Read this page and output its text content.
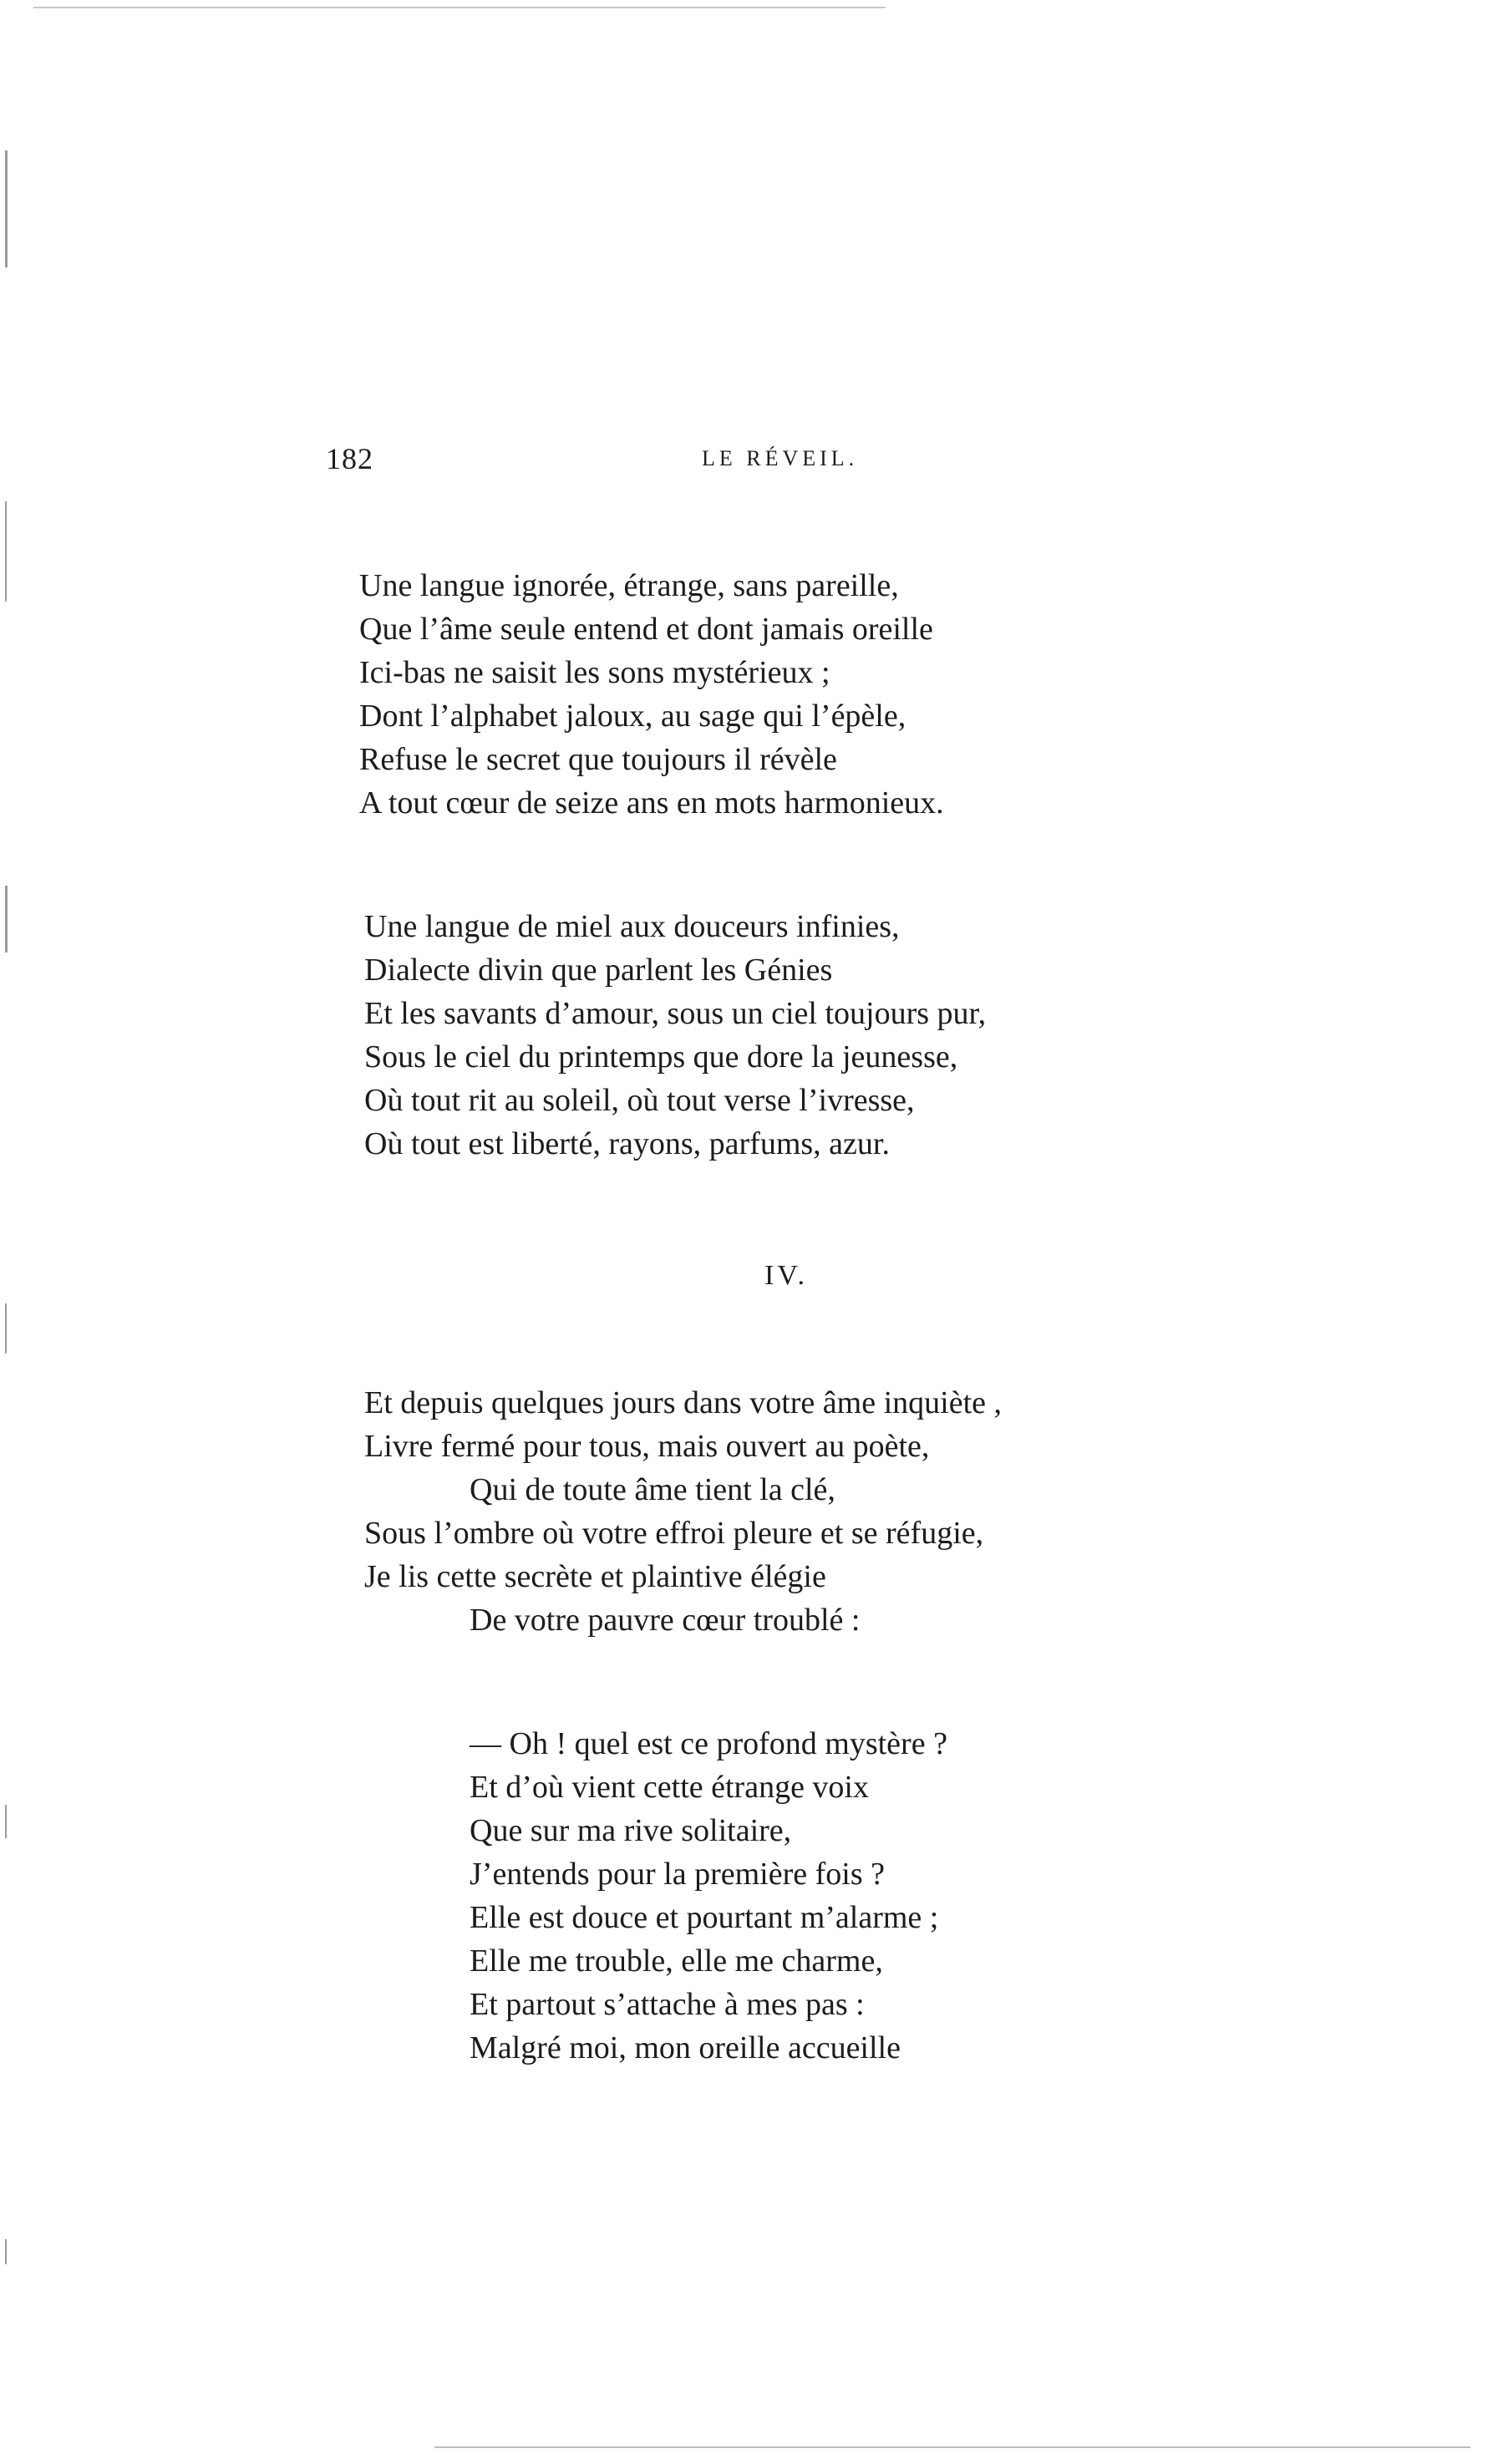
182	LE RÉVEIL.
Une langue ignorée, étrange, sans pareille,
Que l’âme seule entend et dont jamais oreille
Ici-bas ne saisit les sons mystérieux ;
Dont l’alphabet jaloux, au sage qui l’épèle,
Refuse le secret que toujours il révèle
A tout cœur de seize ans en mots harmonieux.
Une langue de miel aux douceurs infinies,
Dialecte divin que parlent les Génies
Et les savants d’amour, sous un ciel toujours pur,
Sous le ciel du printemps que dore la jeunesse,
Où tout rit au soleil, où tout verse l’ivresse,
Où tout est liberté, rayons, parfums, azur.
IV.
Et depuis quelques jours dans votre âme inquiète ,
Livre fermé pour tous, mais ouvert au poète,
Qui de toute âme tient la clé,
Sous l’ombre où votre effroi pleure et se réfugie,
Je lis cette secrète et plaintive élégie
De votre pauvre cœur troublé :
— Oh ! quel est ce profond mystère ?
Et d’où vient cette étrange voix
Que sur ma rive solitaire,
J’entends pour la première fois ?
Elle est douce et pourtant m’alarme ;
Elle me trouble, elle me charme,
Et partout s’attache à mes pas :
Malgré moi, mon oreille accueille
